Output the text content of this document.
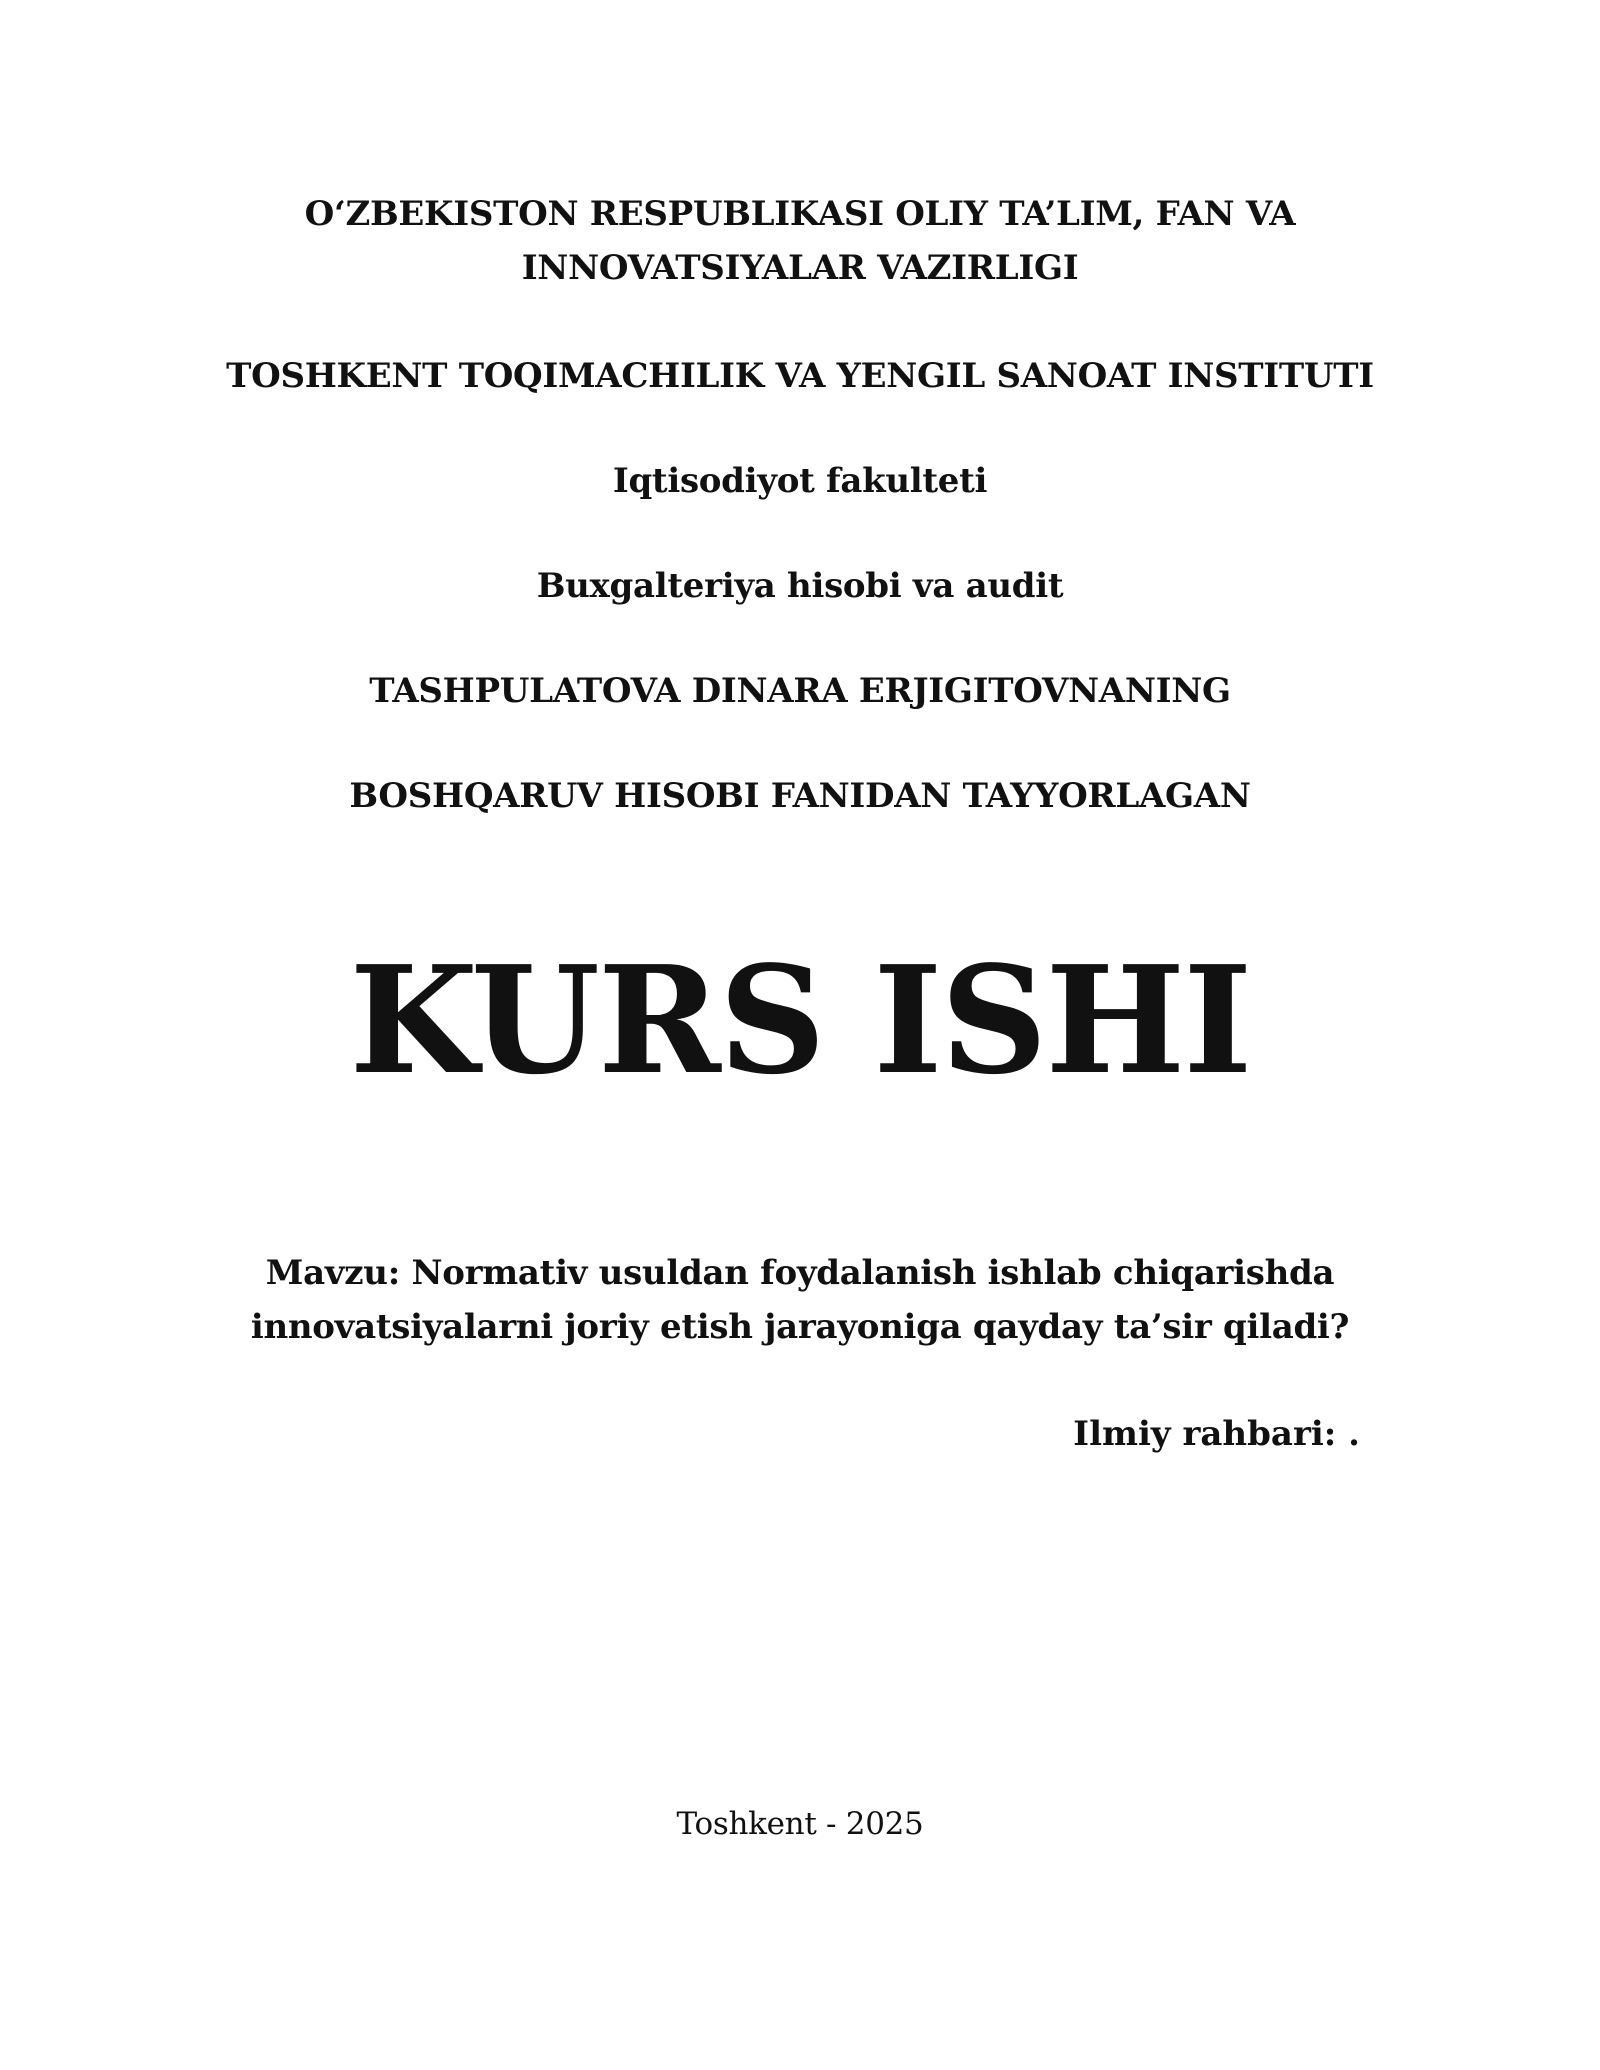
O‘ZBEKISTON RESPUBLIKASI OLIY TA’LIM, FAN VA
INNOVATSIYALAR VAZIRLIGI
TOSHKENT TOQIMACHILIK VA YENGIL SANOAT INSTITUTI
Iqtisodiyot fakulteti
Buxgalteriya hisobi va audit
TASHPULATOVA DINARA ERJIGITOVNANING
BOSHQARUV HISOBI FANIDAN TAYYORLAGAN
KURS ISHI
Mavzu: Normativ usuldan foydalanish ishlab chiqarishda
innovatsiyalarni joriy etish jarayoniga qayday ta’sir qiladi?
Ilmiy rahbari: .
Toshkent - 2025
